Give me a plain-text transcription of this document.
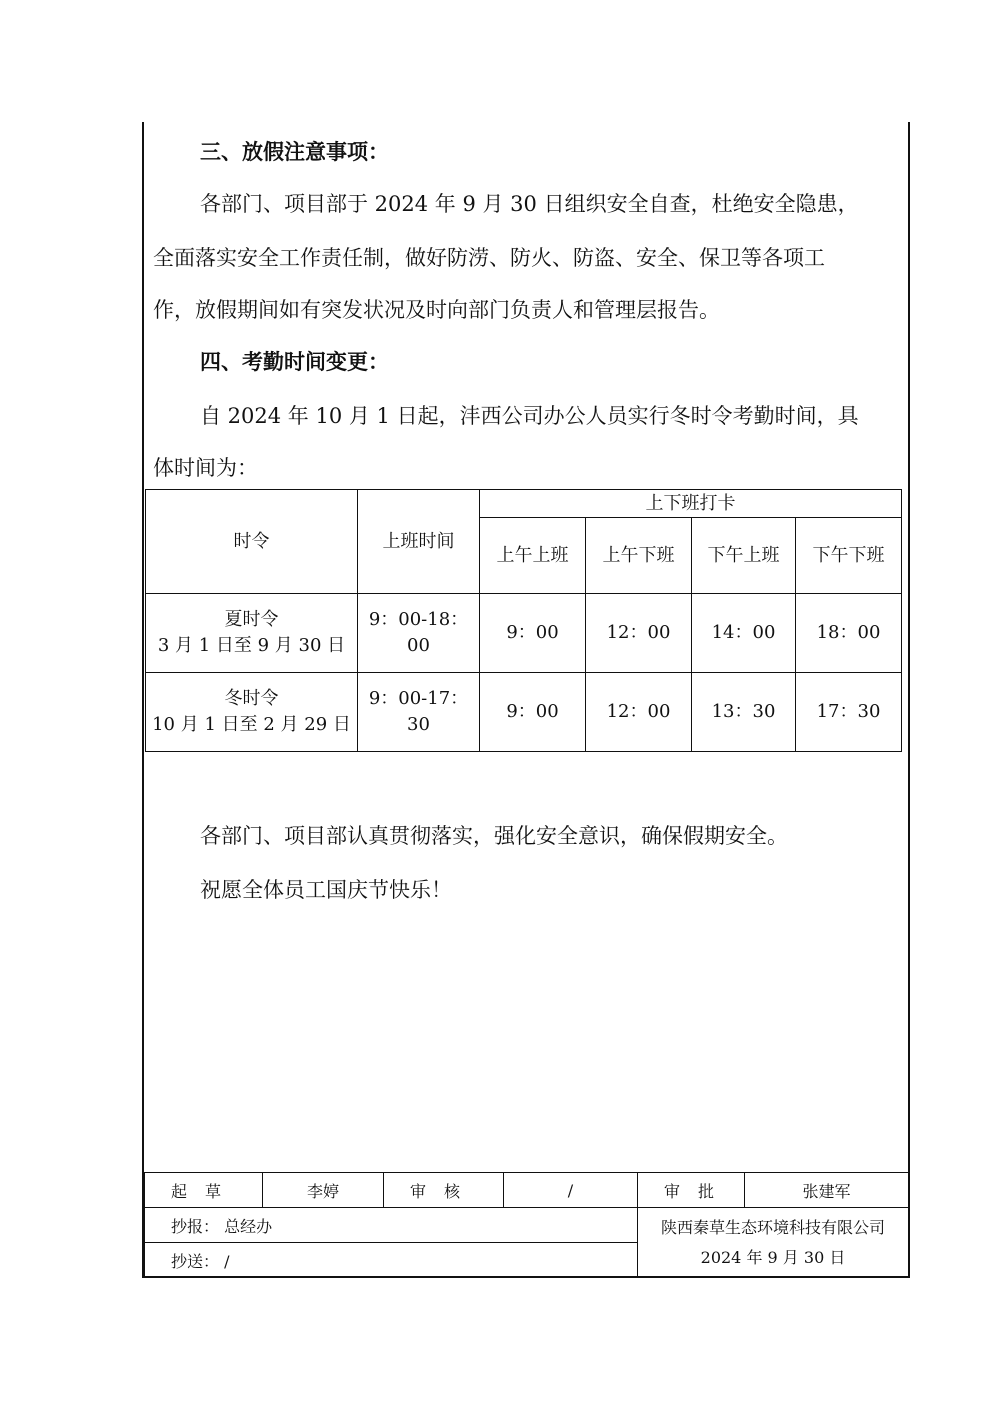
三、放假注意事项：
各部门、项目部于 2024 年 9 月 30 日组织安全自查，杜绝安全隐患，
全面落实安全工作责任制，做好防涝、防火、防盗、安全、保卫等各项工
作，放假期间如有突发状况及时向部门负责人和管理层报告。
四、考勤时间变更：
自 2024 年 10 月 1 日起，沣西公司办公人员实行冬时令考勤时间，具
体时间为：
时令	上班时间	上下班打卡			
		上午上班	上午下班	下午上班	下午下班

夏时令
3 月 1 日至 9 月 30 日	9：00-18：00	9：00	12：00	14：00	18：00

冬时令
10 月 1 日至 2 月 29 日	9：00-17：30	9：00	12：00	13：30	17：30
各部门、项目部认真贯彻落实，强化安全意识，确保假期安全。
祝愿全体员工国庆节快乐！
起草	李婷	审核	/	审批	张建军
抄报： 总经办				陕西秦草生态环境科技有限公司
2024 年 9 月 30 日	

抄送： /					
